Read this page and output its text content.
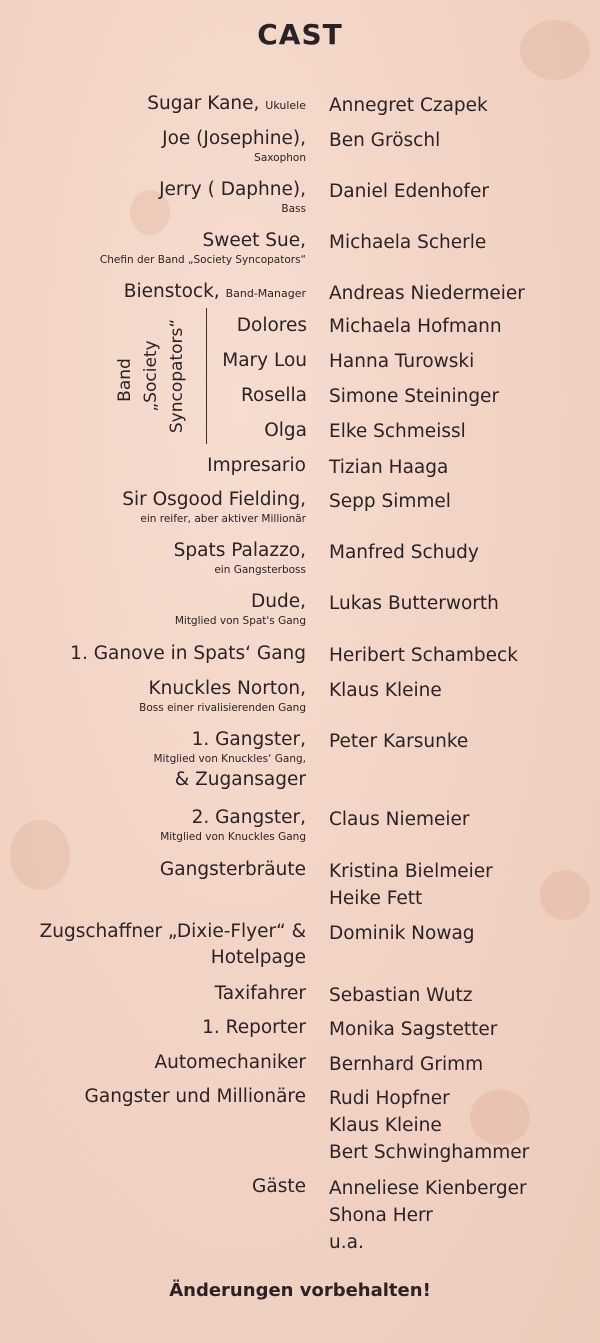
CAST
Sugar Kane, Ukulele Annegret Czapek
Joe (Josephine),
Saxophon
Ben Gröschl
Jerry ( Daphne),
Bass
Daniel Edenhofer
Sweet Sue,
Chefin der Band „Society Syncopators“
Michaela Scherle
Bienstock, Band-Manager Andreas Niedermeier
Band „Society Syncopators“	Dolores Michaela Hofmann
Mary Lou Hanna Turowski
Rosella Simone Steininger
Olga Elke Schmeissl
Impresario Tizian Haaga
Sir Osgood Fielding,
ein reifer, aber aktiver Millionär
Sepp Simmel
Spats Palazzo,
ein Gangsterboss
Manfred Schudy
Dude,
Mitglied von Spat's Gang
Lukas Butterworth
1. Ganove in Spats‘ Gang Heribert Schambeck
Knuckles Norton,
Boss einer rivalisierenden Gang
Klaus Kleine
1. Gangster,
Mitglied von Knuckles‘ Gang,
& Zugansager
Peter Karsunke
2. Gangster,
Mitglied von Knuckles Gang
Claus Niemeier
Gangsterbräute Kristina Bielmeier
Heike Fett
Zugschaffner „Dixie-Flyer“ &
Hotelpage
Dominik Nowag
Taxifahrer Sebastian Wutz
1. Reporter Monika Sagstetter
Automechaniker Bernhard Grimm
Gangster und Millionäre Rudi Hopfner
Klaus Kleine
Bert Schwinghammer
Gäste Anneliese Kienberger
Shona Herr
u.a.
Änderungen vorbehalten!
